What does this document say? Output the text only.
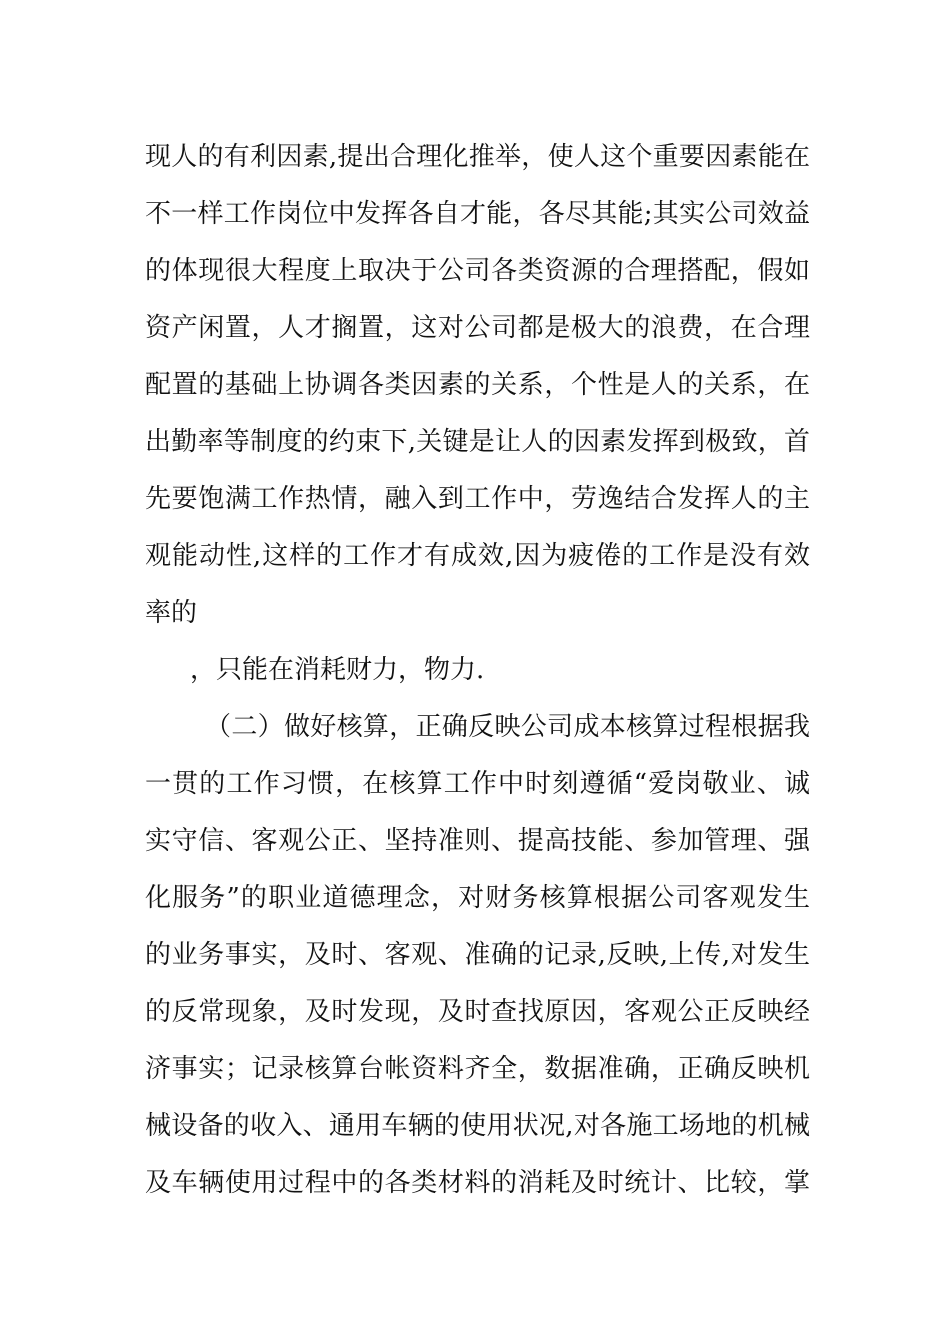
现人的有利因素,提出合理化推举，使人这个重要因素能在
不一样工作岗位中发挥各自才能，各尽其能;其实公司效益
的体现很大程度上取决于公司各类资源的合理搭配，假如
资产闲置，人才搁置，这对公司都是极大的浪费，在合理
配置的基础上协调各类因素的关系，个性是人的关系，在
出勤率等制度的约束下,关键是让人的因素发挥到极致，首
先要饱满工作热情，融入到工作中，劳逸结合发挥人的主
观能动性,这样的工作才有成效,因为疲倦的工作是没有效
率的
，只能在消耗财力，物力.
（二）做好核算，正确反映公司成本核算过程根据我
一贯的工作习惯，在核算工作中时刻遵循“爱岗敬业、诚
实守信、客观公正、坚持准则、提高技能、参加管理、强
化服务”的职业道德理念，对财务核算根据公司客观发生
的业务事实，及时、客观、准确的记录,反映,上传,对发生
的反常现象，及时发现，及时查找原因，客观公正反映经
济事实；记录核算台帐资料齐全，数据准确，正确反映机
械设备的收入、通用车辆的使用状况,对各施工场地的机械
及车辆使用过程中的各类材料的消耗及时统计、比较，掌
